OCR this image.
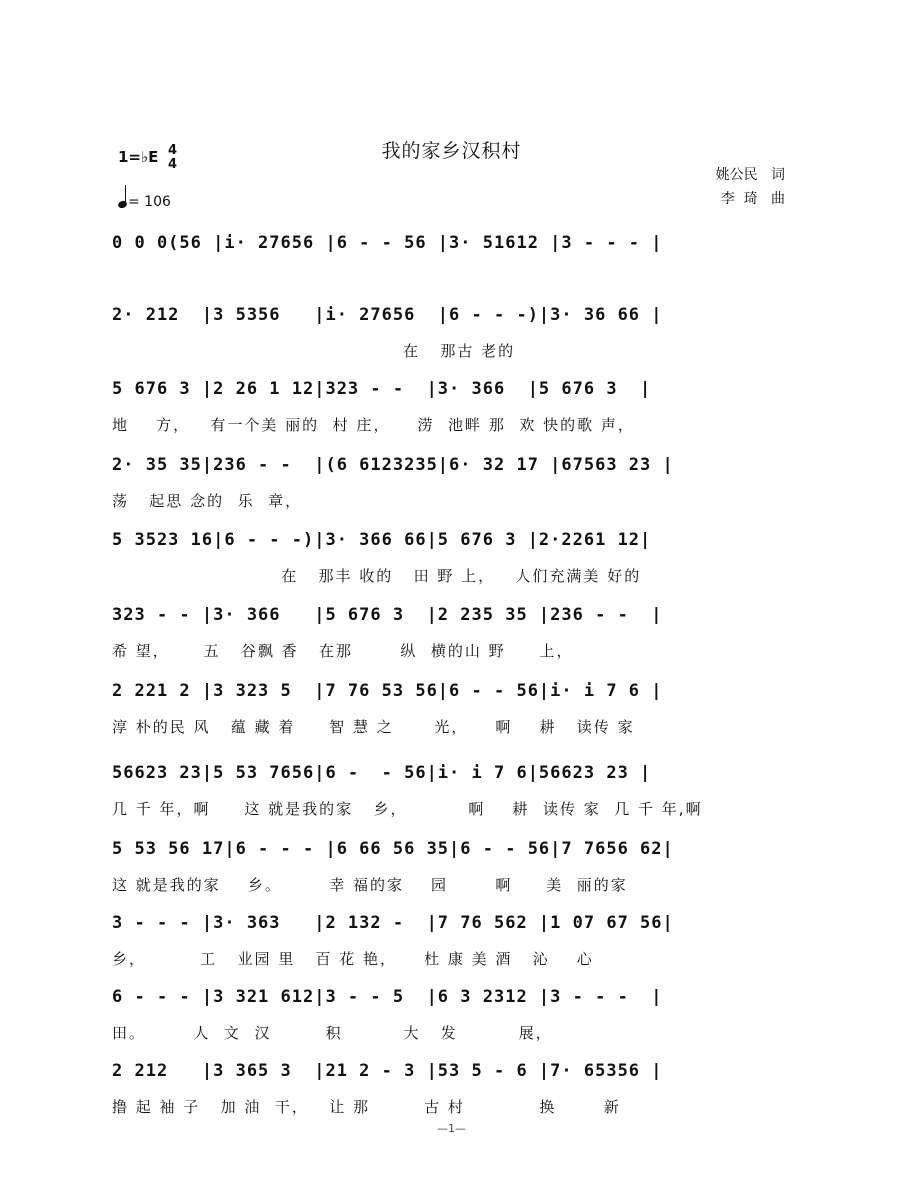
我的家乡汉积村
1=♭E 4
4
= 106
姚公民   词
李  琦   曲
0 0 0(56 |i· 27656 |6 - - 56 |3· 51612 |3 - - - |
2· 212  |3 5356   |i· 27656  |6 - - -)|3· 36 66 |
在   那古 老的
5 676 3 |2 26 1 12|323 - -  |3· 366  |5 676 3  |
地    方，   有一个美 丽的  村 庄，    涝  池畔 那  欢 快的歌 声，
2· 35 35|236 - -  |(6 6123235|6· 32 17 |67563 23 |
荡   起思 念的  乐  章，
5 3523 16|6 - - -)|3· 366 66|5 676 3 |2·2261 12|
在   那丰 收的   田 野 上，   人们充满美 好的
323 - - |3· 366   |5 676 3  |2 235 35 |236 - -  |
希 望，     五   谷飘 香   在那       纵  横的山 野     上，
2 221 2 |3 323 5  |7 76 53 56|6 - - 56|i· i 7 6 |
淳 朴的民 风   蕴 藏 着     智 慧 之      光，    啊    耕   读传 家
56623 23|5 53 7656|6 -  - 56|i· i 7 6|56623 23 |
几 千 年，啊     这 就是我的家   乡，         啊    耕  读传 家  几 千 年,啊
5 53 56 17|6 - - - |6 66 56 35|6 - - 56|7 7656 62|
这 就是我的家    乡。       幸 福的家    园       啊     美  丽的家
3 - - - |3· 363   |2 132 -  |7 76 562 |1 07 67 56|
乡，        工   业园 里   百 花 艳，    杜 康 美 酒   沁    心
6 - - - |3 321 612|3 - - 5  |6 3 2312 |3 - - -  |
田。       人  文  汉        积         大   发         展，
2 212   |3 365 3  |21 2 - 3 |53 5 - 6 |7· 65356 |
撸 起 袖 子   加 油  干，   让 那        古 村           换       新
—1—
